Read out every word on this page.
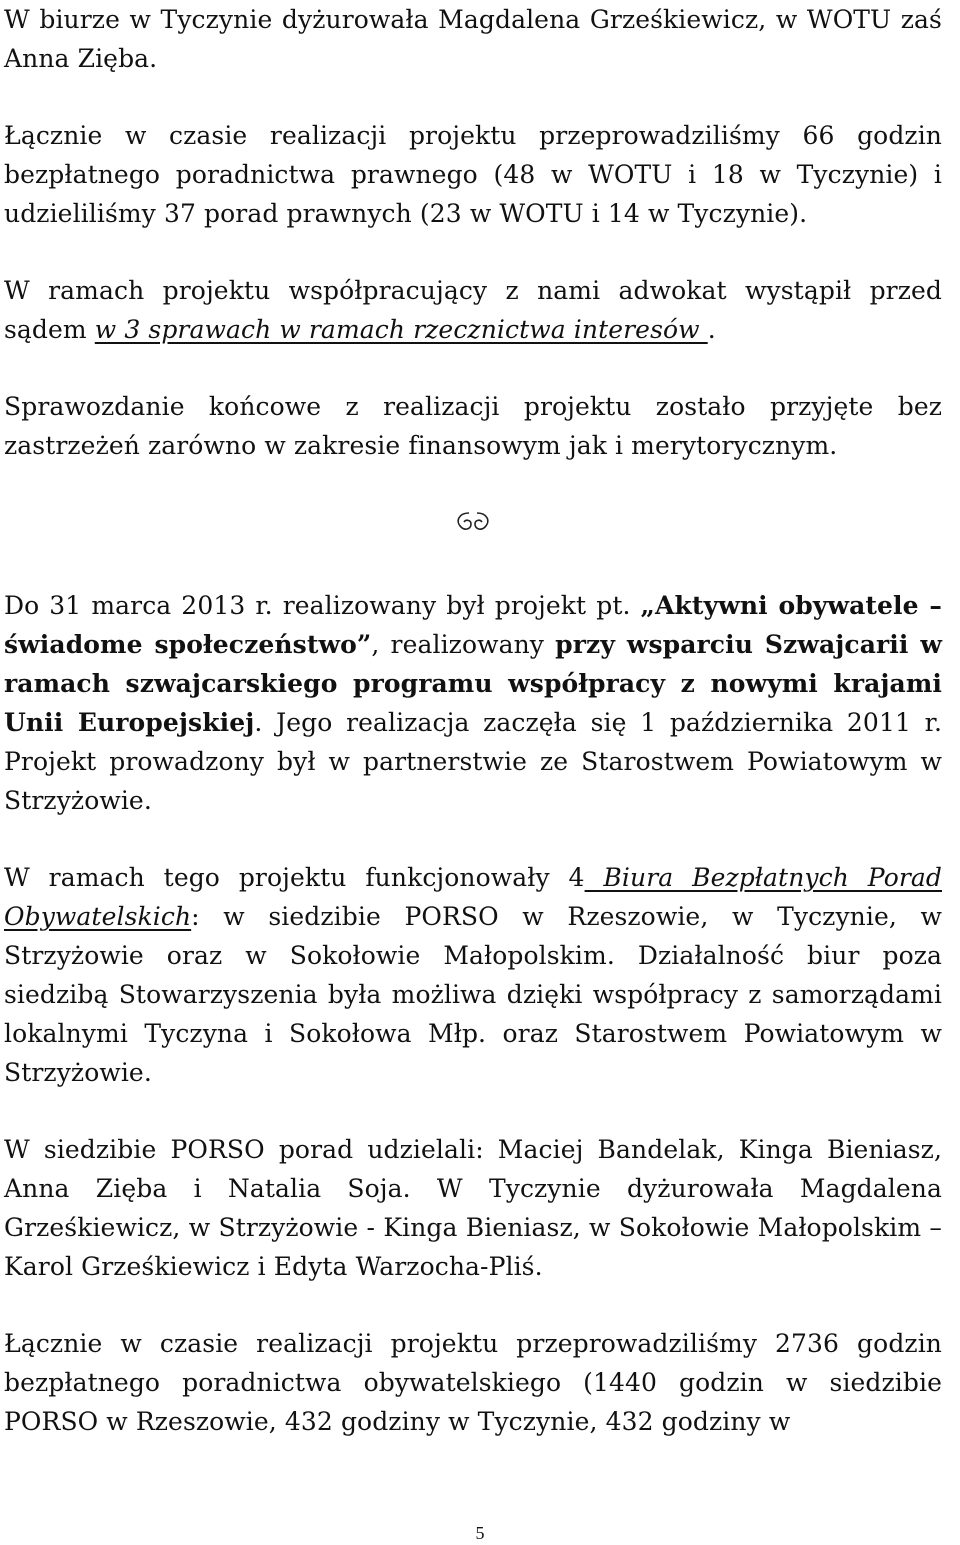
W biurze w Tyczynie dyżurowała Magdalena Grześkiewicz, w WOTU zaś Anna Zięba.

Łącznie w czasie realizacji projektu przeprowadziliśmy 66 godzin bezpłatnego poradnictwa prawnego (48 w WOTU i 18 w Tyczynie) i udzieliliśmy 37 porad prawnych (23 w WOTU i 14 w Tyczynie).

W ramach projektu współpracujący z nami adwokat wystąpił przed sądem w 3 sprawach w ramach rzecznictwa interesów .

Sprawozdanie końcowe z realizacji projektu zostało przyjęte bez zastrzeżeń zarówno w zakresie finansowym jak i merytorycznym.

Do 31 marca 2013 r. realizowany był projekt pt. „Aktywni obywatele – świadome społeczeństwo”, realizowany przy wsparciu Szwajcarii w ramach szwajcarskiego programu współpracy z nowymi krajami Unii Europejskiej. Jego realizacja zaczęła się 1 października 2011 r. Projekt prowadzony był w partnerstwie ze Starostwem Powiatowym w Strzyżowie.

W ramach tego projektu funkcjonowały 4 Biura Bezpłatnych Porad Obywatelskich: w siedzibie PORSO w Rzeszowie, w Tyczynie, w Strzyżowie oraz w Sokołowie Małopolskim. Działalność biur poza siedzibą Stowarzyszenia była możliwa dzięki współpracy z samorządami lokalnymi Tyczyna i Sokołowa Młp. oraz Starostwem Powiatowym w Strzyżowie.

W siedzibie PORSO porad udzielali: Maciej Bandelak, Kinga Bieniasz, Anna Zięba i Natalia Soja. W Tyczynie dyżurowała Magdalena Grześkiewicz, w Strzyżowie - Kinga Bieniasz, w Sokołowie Małopolskim – Karol Grześkiewicz i Edyta Warzocha-Pliś.

Łącznie w czasie realizacji projektu przeprowadziliśmy 2736 godzin bezpłatnego poradnictwa obywatelskiego (1440 godzin w siedzibie PORSO w Rzeszowie, 432 godziny w Tyczynie, 432 godziny w

5
